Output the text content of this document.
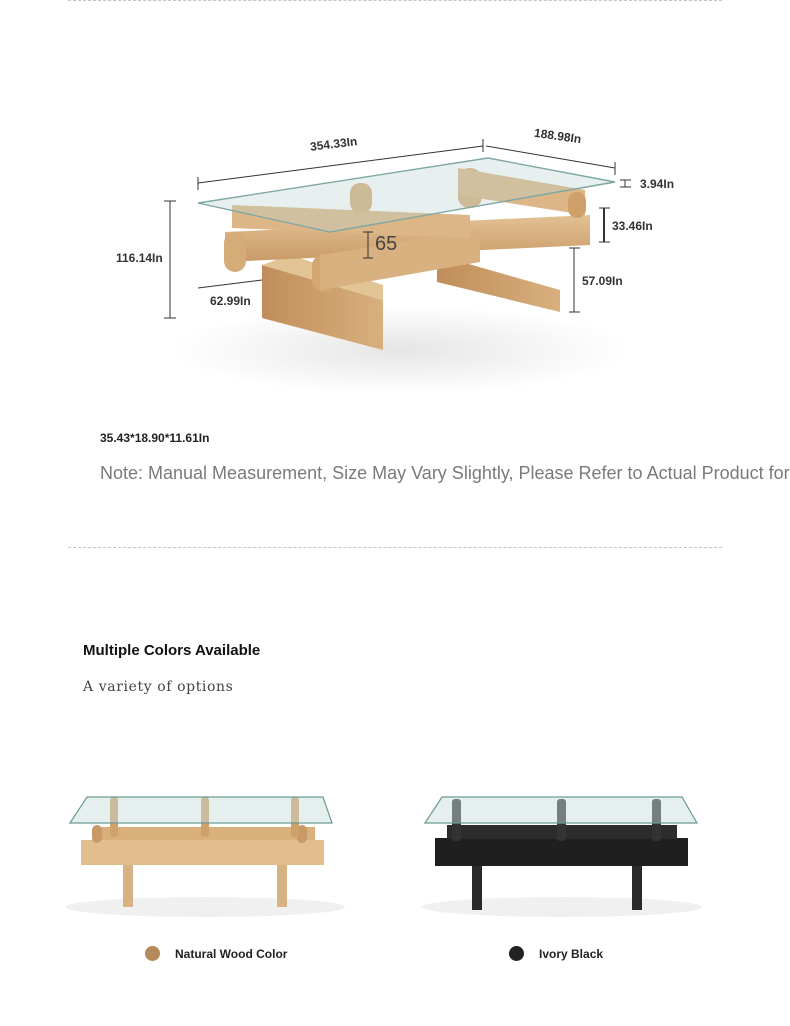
354.33In	188.98In
3.94In
33.46In
116.14In
57.09In
62.99In
65
35.43*18.90*11.61In
Note: Manual Measurement, Size May Vary Slightly, Please Refer to Actual Product for
Multiple Colors Available
A variety of options
Natural Wood Color	Ivory Black
